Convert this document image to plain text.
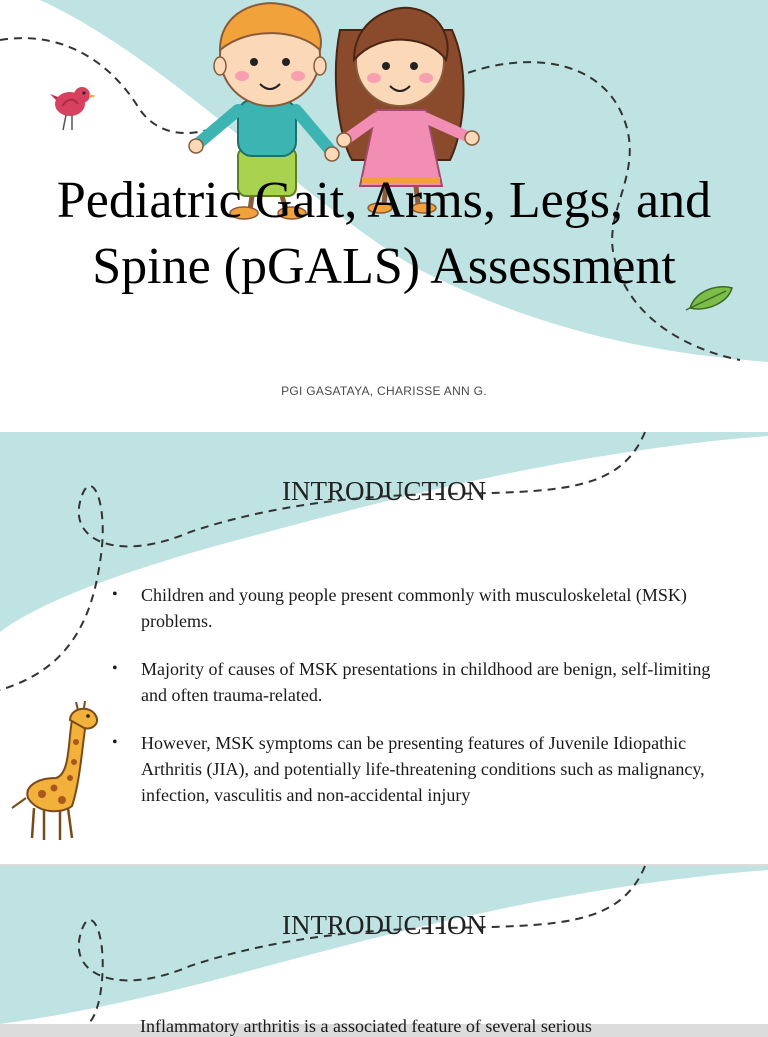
Pediatric Gait, Arms, Legs, and Spine (pGALS) Assessment
PGI GASATAYA, CHARISSE ANN G.
INTRODUCTION
• Children and young people present commonly with musculoskeletal (MSK) problems.
• Majority of causes of MSK presentations in childhood are benign, self-limiting and often trauma-related.
• However, MSK symptoms can be presenting features of Juvenile Idiopathic Arthritis (JIA), and potentially life-threatening conditions such as malignancy, infection, vasculitis and non-accidental injury
INTRODUCTION
Inflammatory arthritis is a associated feature of several serious
